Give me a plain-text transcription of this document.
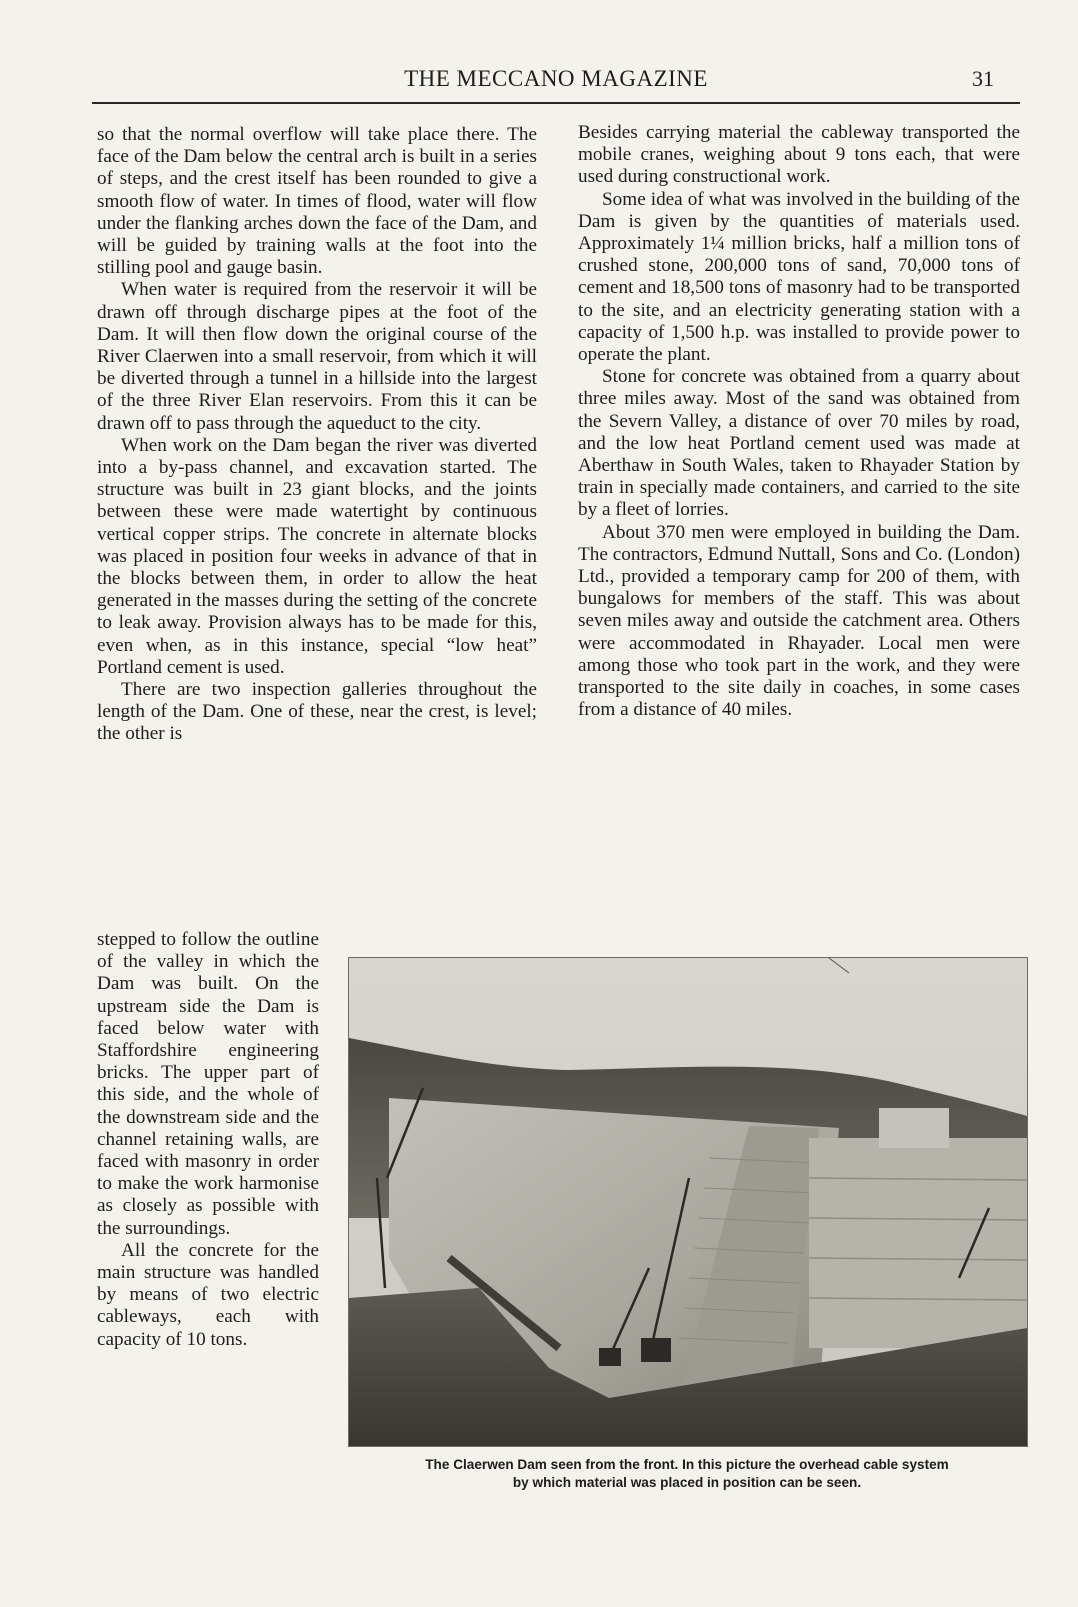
THE MECCANO MAGAZINE	31

so that the normal overflow will take place there. The face of the Dam below the central arch is built in a series of steps, and the crest itself has been rounded to give a smooth flow of water. In times of flood, water will flow under the flanking arches down the face of the Dam, and will be guided by training walls at the foot into the stilling pool and gauge basin.

When water is required from the reservoir it will be drawn off through discharge pipes at the foot of the Dam. It will then flow down the original course of the River Claerwen into a small reservoir, from which it will be diverted through a tunnel in a hillside into the largest of the three River Elan reservoirs. From this it can be drawn off to pass through the aqueduct to the city.

When work on the Dam began the river was diverted into a by-pass channel, and excavation started. The structure was built in 23 giant blocks, and the joints between these were made watertight by continuous vertical copper strips. The concrete in alternate blocks was placed in position four weeks in advance of that in the blocks between them, in order to allow the heat generated in the masses during the setting of the concrete to leak away. Provision always has to be made for this, even when, as in this instance, special “low heat” Portland cement is used.

There are two inspection galleries throughout the length of the Dam. One of these, near the crest, is level; the other is

stepped to follow the outline of the valley in which the Dam was built. On the upstream side the Dam is faced below water with Staffordshire engineering bricks. The upper part of this side, and the whole of the downstream side and the channel retaining walls, are faced with masonry in order to make the work harmonise as closely as possible with the surroundings.

All the concrete for the main structure was handled by means of two electric cableways, each with capacity of 10 tons.

Besides carrying material the cableway transported the mobile cranes, weighing about 9 tons each, that were used during constructional work.

Some idea of what was involved in the building of the Dam is given by the quantities of materials used. Approximately 1¼ million bricks, half a million tons of crushed stone, 200,000 tons of sand, 70,000 tons of cement and 18,500 tons of masonry had to be transported to the site, and an electricity generating station with a capacity of 1,500 h.p. was installed to provide power to operate the plant.

Stone for concrete was obtained from a quarry about three miles away. Most of the sand was obtained from the Severn Valley, a distance of over 70 miles by road, and the low heat Portland cement used was made at Aberthaw in South Wales, taken to Rhayader Station by train in specially made containers, and carried to the site by a fleet of lorries.

About 370 men were employed in building the Dam. The contractors, Edmund Nuttall, Sons and Co. (London) Ltd., provided a temporary camp for 200 of them, with bungalows for members of the staff. This was about seven miles away and outside the catchment area. Others were accommodated in Rhayader. Local men were among those who took part in the work, and they were transported to the site daily in coaches, in some cases from a distance of 40 miles.

The Claerwen Dam seen from the front. In this picture the overhead cable system
by which material was placed in position can be seen.
